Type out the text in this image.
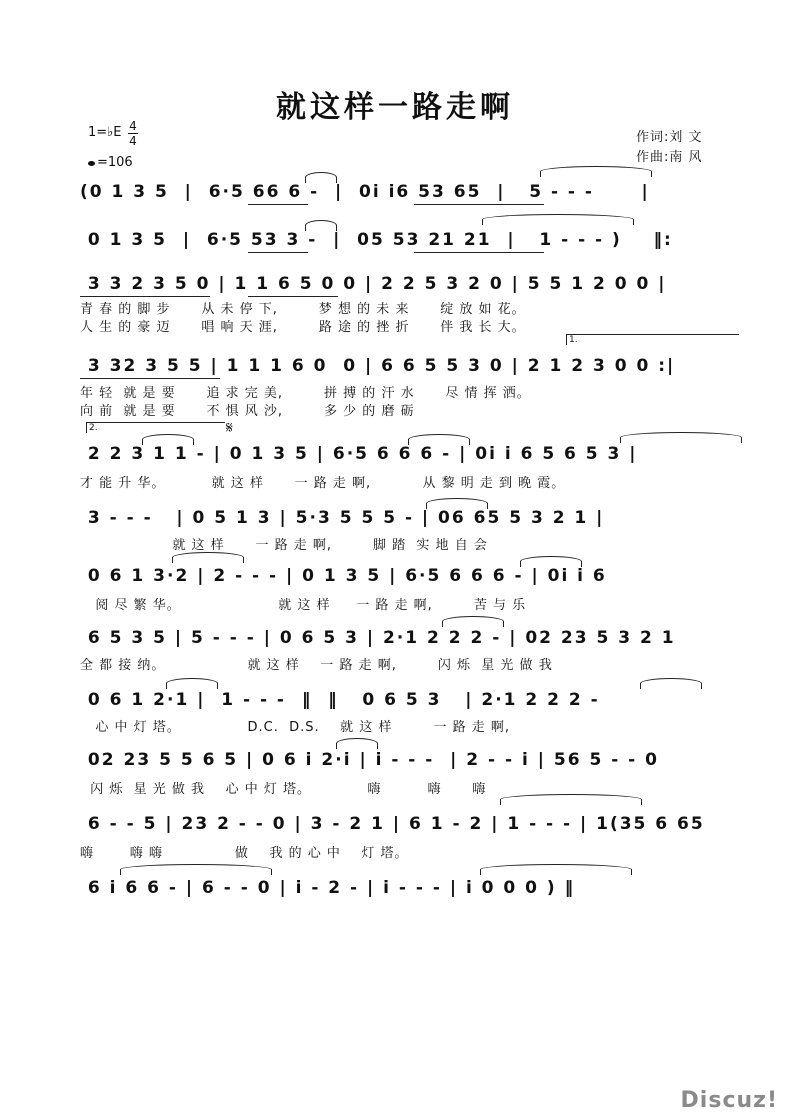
就这样一路走啊
1=♭E 4
4
=106
作词:刘 文
作曲:南 风
(0 1 3 5  |  6·5 66 6 -  |  0i i6 53 65  |   5 - - -      |
0 1 3 5  |  6·5 53 3 -  |  05 53 21 21  |   1 - - - )    ‖:
3 3 2 3 5 0 | 1 1 6 5 0 0 | 2 2 5 3 2 0 | 5 5 1 2 0 0 |
青 春 的 脚 步      从 未 停 下,        梦 想 的 未 来      绽 放 如 花。
人 生 的 豪 迈      唱 响 天 涯,        路 途 的 挫 折      伴 我 长 大。
1.
3 32 3 5 5 | 1 1 1 6 0  0 | 6 6 5 5 3 0 | 2 1 2 3 0 0 :|
年 轻  就 是 要      追 求 完 美,        拼 搏 的 汗 水      尽 情 挥 洒。
向 前  就 是 要      不 惧 风 沙,        多 少 的 磨 砺
2.	𝄋
2 2 3 1 1 - | 0 1 3 5 | 6·5 6 6 6 - | 0i i 6 5 6 5 3 |
才 能 升 华。         就 这 样      一 路 走 啊,          从 黎 明 走 到 晚 霞。
3 - - -   | 0 5 1 3 | 5·3 5 5 5 - | 06 65 5 3 2 1 |
就 这 样      一 路 走 啊,        脚 踏  实 地 自 会
0 6 1 3·2 | 2 - - - | 0 1 3 5 | 6·5 6 6 6 - | 0i i 6
阅 尽 繁 华。                   就 这 样     一 路 走 啊,        苦 与 乐
6 5 3 5 | 5 - - - | 0 6 5 3 | 2·1 2 2 2 - | 02 23 5 3 2 1
全 都 接 纳。                就 这 样    一 路 走 啊,        闪 烁  星 光 做 我
0 6 1 2·1 |  1 - - -  ‖  ‖   0 6 5 3   | 2·1 2 2 2 -
心 中 灯 塔。             D.C.  D.S.    就 这 样        一 路 走 啊,
02 23 5 5 6 5 | 0 6 i 2·i | i - - -  | 2 - - i | 56 5 - - 0
闪 烁  星 光 做 我    心 中 灯 塔。           嗨         嗨      嗨
6 - - 5 | 23 2 - - 0 | 3 - 2 1 | 6 1 - 2 | 1 - - - | 1(35 6 65
嗨       嗨 嗨              做    我 的 心 中    灯 塔。
6 i 6 6 - | 6 - - 0 | i - 2 - | i - - - | i 0 0 0 ) ‖
Discuz!
